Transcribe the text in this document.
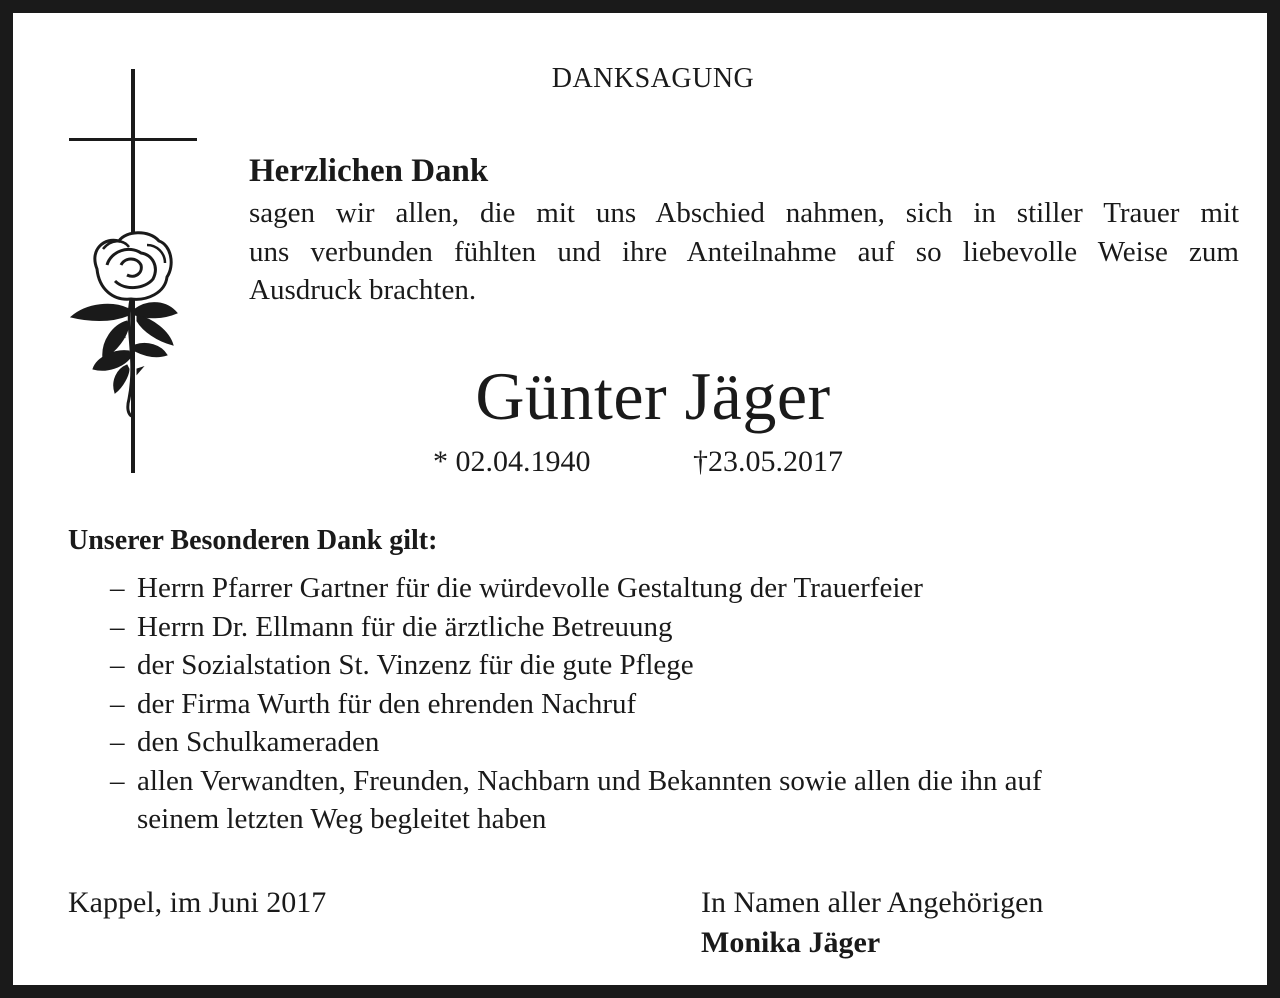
DANKSAGUNG
Herzlichen Dank
sagen wir allen, die mit uns Abschied nahmen, sich in stiller Trauer mit
uns verbunden fühlten und ihre Anteilnahme auf so liebevolle Weise zum
Ausdruck brachten.
Günter Jäger
* 02.04.1940	†23.05.2017
Unserer Besonderen Dank gilt:
– Herrn Pfarrer Gartner für die würdevolle Gestaltung der Trauerfeier
– Herrn Dr. Ellmann für die ärztliche Betreuung
– der Sozialstation St. Vinzenz für die gute Pflege
– der Firma Wurth für den ehrenden Nachruf
– den Schulkameraden
– allen Verwandten, Freunden, Nachbarn und Bekannten sowie allen die ihn auf
seinem letzten Weg begleitet haben
Kappel, im Juni 2017	In Namen aller Angehörigen
Monika Jäger
